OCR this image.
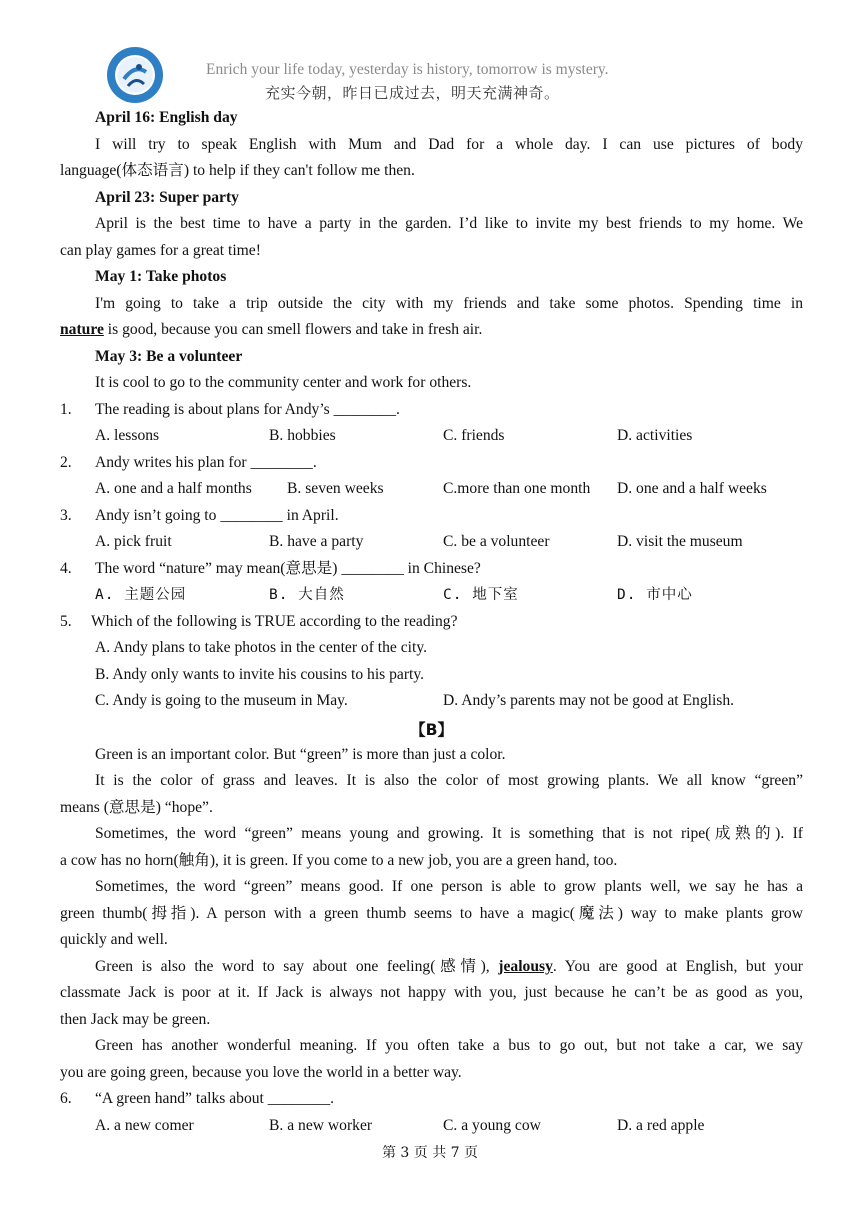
Enrich your life today, yesterday is history, tomorrow is mystery.
充实今朝，昨日已成过去，明天充满神奇。
April 16: English day
I will try to speak English with Mum and Dad for a whole day. I can use pictures of body
language(体态语言) to help if they can't follow me then.
April 23: Super party
April is the best time to have a party in the garden. I’d like to invite my best friends to my home. We
can play games for a great time!
May 1: Take photos
I'm going to take a trip outside the city with my friends and take some photos. Spending time in
nature is good, because you can smell flowers and take in fresh air.
May 3: Be a volunteer
It is cool to go to the community center and work for others.
1. The reading is about plans for Andy’s ________.
A. lessons	B. hobbies	C. friends	D. activities
2. Andy writes his plan for ________.
A. one and a half months B. seven weeks	C.more than one month D. one and a half weeks
3. Andy isn’t going to ________ in April.
A. pick fruit	B. have a party	C. be a volunteer	D. visit the museum
4. The word “nature” may mean(意思是) ________ in Chinese?
A. 主题公园	B. 大自然	C. 地下室	D. 市中心
5. Which of the following is TRUE according to the reading?
A. Andy plans to take photos in the center of the city.
B. Andy only wants to invite his cousins to his party.
C. Andy is going to the museum in May.	D. Andy’s parents may not be good at English.
【B】
Green is an important color. But “green” is more than just a color.
It is the color of grass and leaves. It is also the color of most growing plants. We all know “green”
means (意思是) “hope”.
Sometimes, the word “green” means young and growing. It is something that is not ripe(成熟的). If
a cow has no horn(触角), it is green. If you come to a new job, you are a green hand, too.
Sometimes, the word “green” means good. If one person is able to grow plants well, we say he has a
green thumb(拇指). A person with a green thumb seems to have a magic(魔法) way to make plants grow
quickly and well.
Green is also the word to say about one feeling(感情), jealousy. You are good at English, but your
classmate Jack is poor at it. If Jack is always not happy with you, just because he can’t be as good as you,
then Jack may be green.
Green has another wonderful meaning. If you often take a bus to go out, but not take a car, we say
you are going green, because you love the world in a better way.
6. “A green hand” talks about ________.
A. a new comer	B. a new worker	C. a young cow	D. a red apple
第 3 页 共 7 页
